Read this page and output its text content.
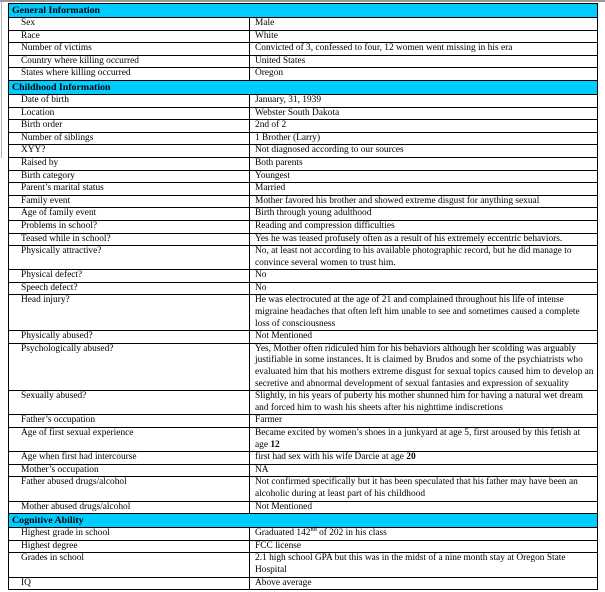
General Information	
Sex	Male
Race	White
Number of victims	Convicted of 3, confessed to four, 12 women went missing in his era
Country where killing occurred	United States
States where killing occurred	Oregon
Childhood Information	
Date of birth	January, 31, 1939
Location	Webster South Dakota
Birth order	2nd of 2
Number of siblings	1 Brother (Larry)
XYY?	Not diagnosed according to our sources
Raised by	Both parents
Birth category	Youngest
Parent’s marital status	Married
Family event	Mother favored his brother and showed extreme disgust for anything sexual
Age of family event	Birth through young adulthood
Problems in school?	Reading and compression difficulties
Teased while in school?	Yes he was teased profusely often as a result of his extremely eccentric behaviors.
Physically attractive?	No, at least not according to his available photographic record, but he did manage to convince several women to trust him.
Physical defect?	No
Speech defect?	No
Head injury?	He was electrocuted at the age of 21 and complained throughout his life of intense migraine headaches that often left him unable to see and sometimes caused a complete loss of consciousness
Physically abused?	Not Mentioned
Psychologically abused?	Yes, Mother often ridiculed him for his behaviors although her scolding was arguably justifiable in some instances. It is claimed by Brudos and some of the psychiatrists who evaluated him that his mothers extreme disgust for sexual topics caused him to develop an secretive and abnormal development of sexual fantasies and expression of sexuality
Sexually abused?	Slightly, in his years of puberty his mother shunned him for having a natural wet dream and forced him to wash his sheets after his nighttime indiscretions
Father’s occupation	Farmer
Age of first sexual experience	Became excited by women’s shoes in a junkyard at age 5, first aroused by this fetish at age 12
Age when first had intercourse	first had sex with his wife Darcie at age 20
Mother’s occupation	NA
Father abused drugs/alcohol	Not confirmed specifically but it has been speculated that his father may have been an alcoholic during at least part of his childhood
Mother abused drugs/alcohol	Not Mentioned
Cognitive Ability	
Highest grade in school	Graduated 142nd of 202 in his class
Highest degree	FCC license
Grades in school	2.1 high school GPA but this was in the midst of a nine month stay at Oregon State Hospital
IQ	Above average
